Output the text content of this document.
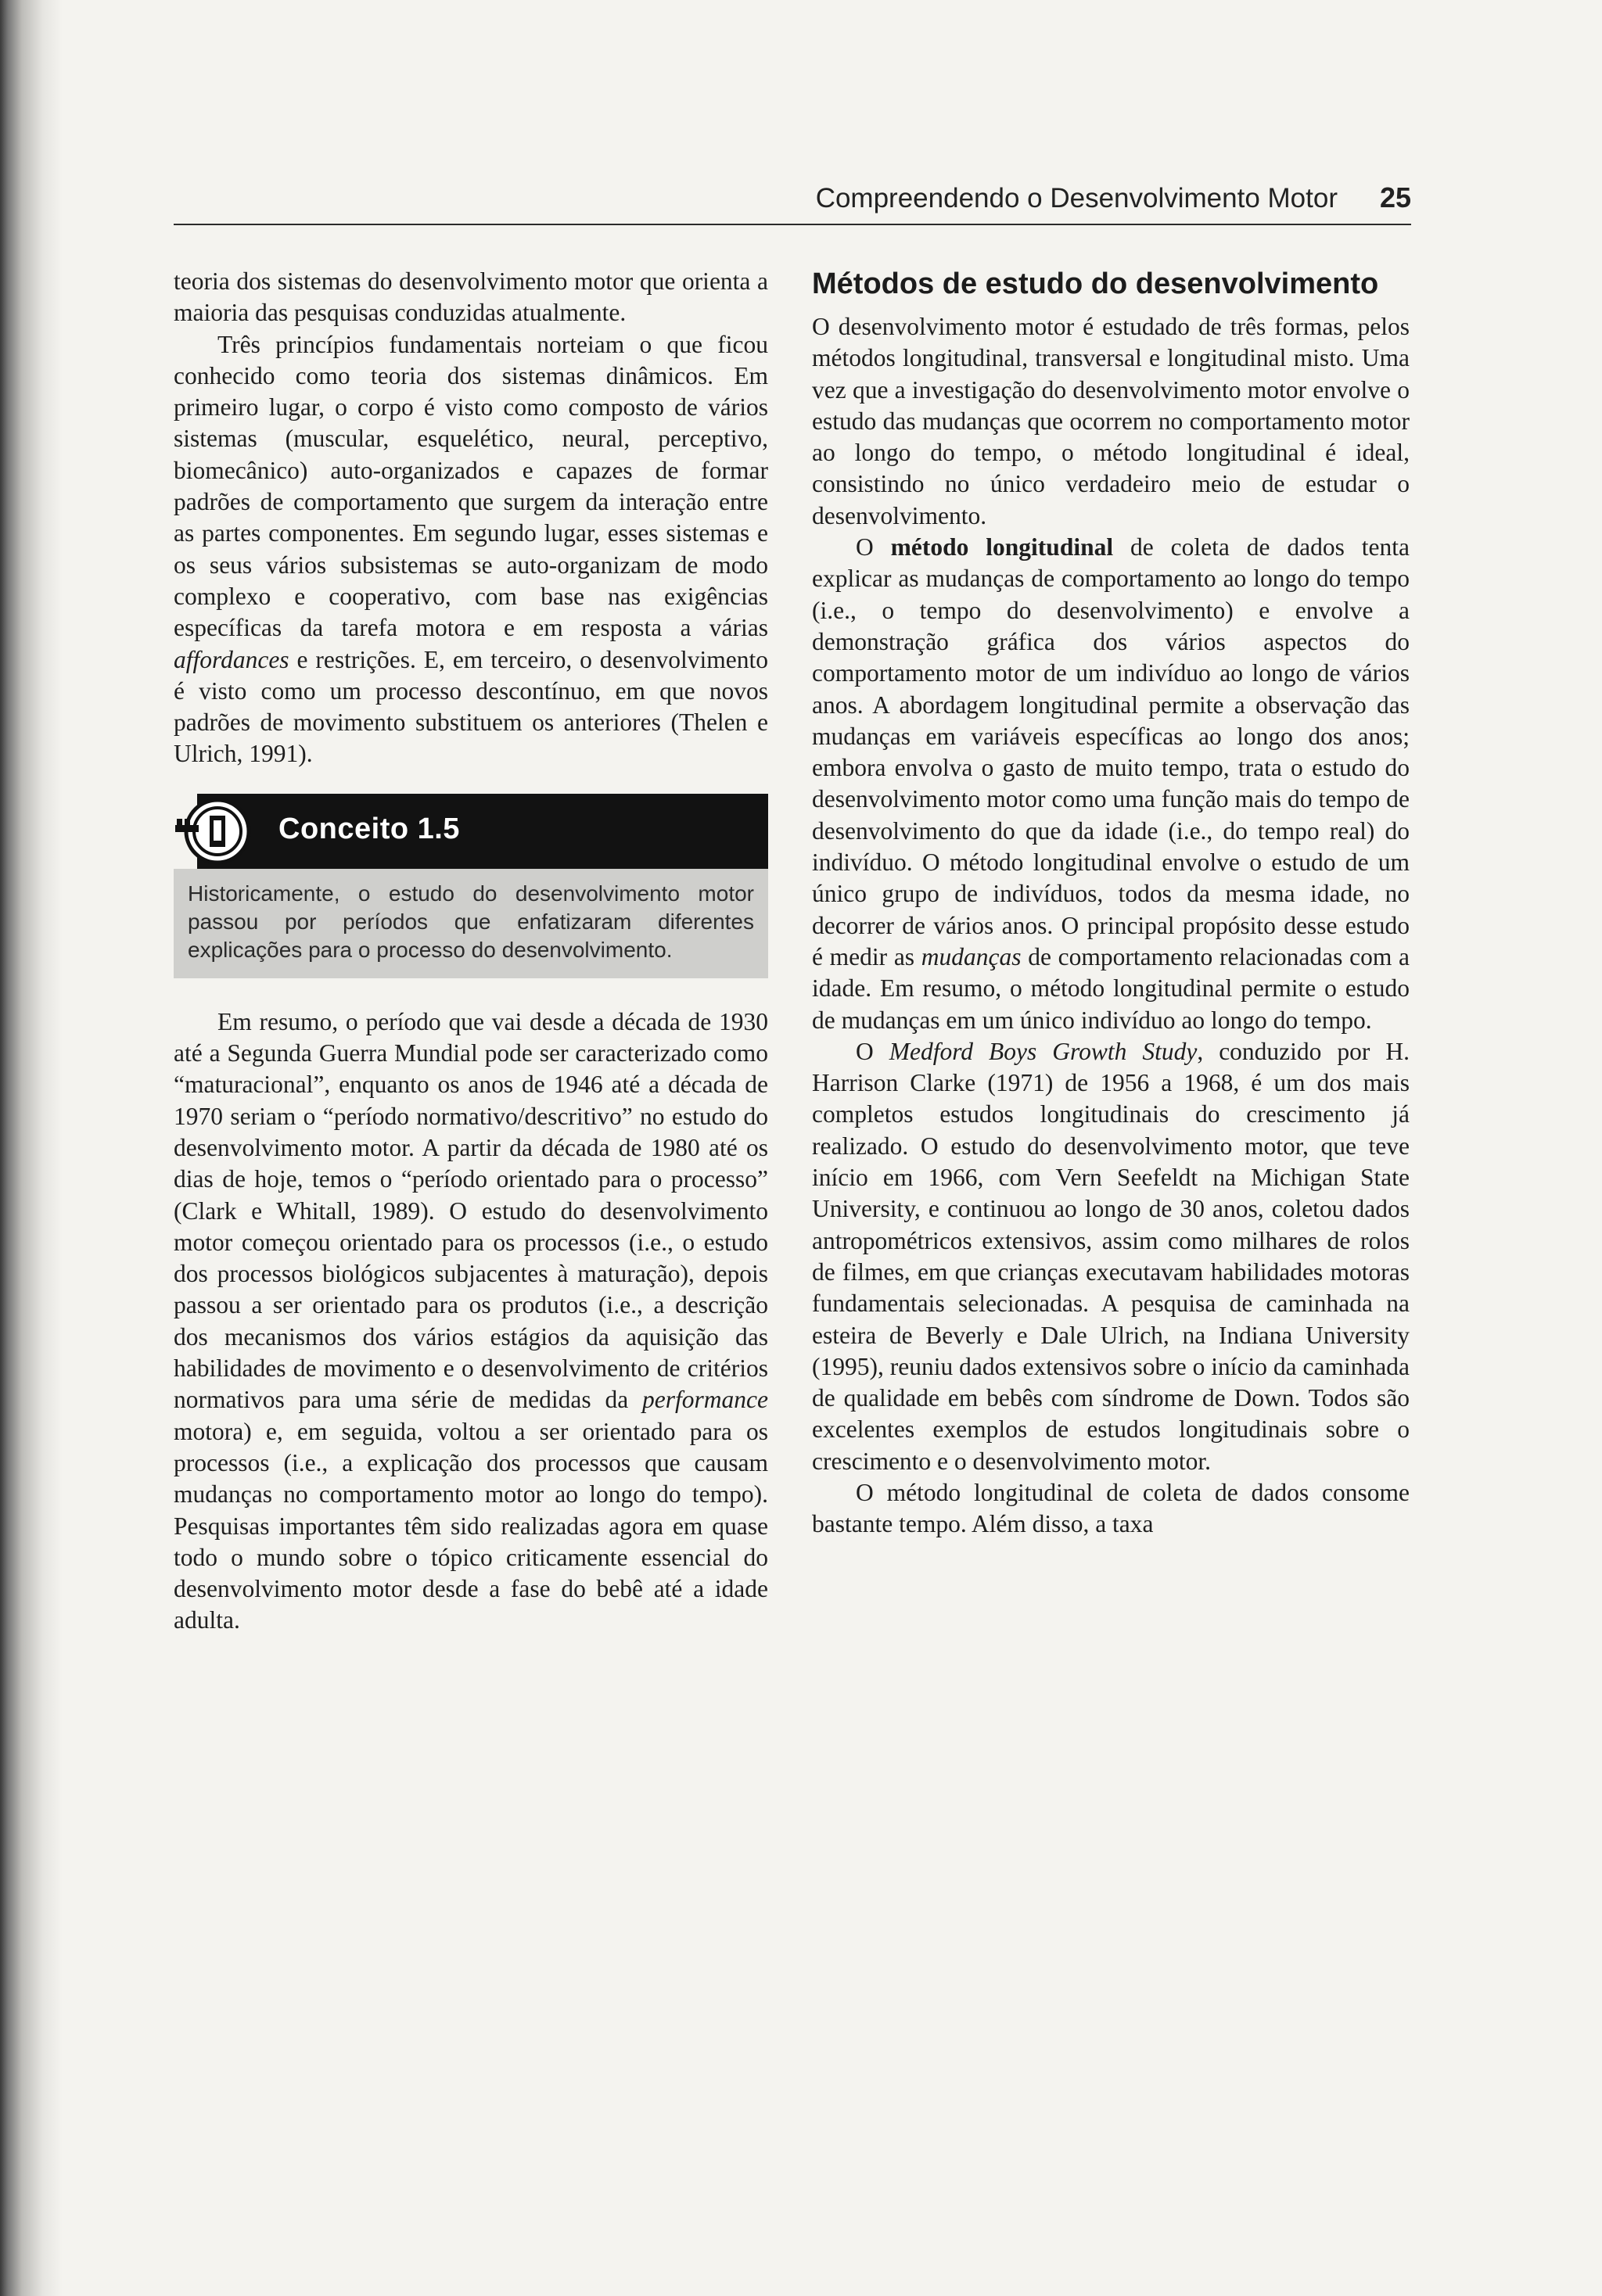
Compreendendo o Desenvolvimento Motor 25

teoria dos sistemas do desenvolvimento motor que orienta a maioria das pesquisas conduzidas atualmente.

Três princípios fundamentais norteiam o que ficou conhecido como teoria dos sistemas dinâmicos. Em primeiro lugar, o corpo é visto como composto de vários sistemas (muscular, esquelético, neural, perceptivo, biomecânico) auto-organizados e capazes de formar padrões de comportamento que surgem da interação entre as partes componentes. Em segundo lugar, esses sistemas e os seus vários subsistemas se auto-organizam de modo complexo e cooperativo, com base nas exigências específicas da tarefa motora e em resposta a várias affordances e restrições. E, em terceiro, o desenvolvimento é visto como um processo descontínuo, em que novos padrões de movimento substituem os anteriores (Thelen e Ulrich, 1991).

Conceito 1.5
Historicamente, o estudo do desenvolvimento motor passou por períodos que enfatizaram diferentes explicações para o processo do desenvolvimento.

Em resumo, o período que vai desde a década de 1930 até a Segunda Guerra Mundial pode ser caracterizado como “maturacional”, enquanto os anos de 1946 até a década de 1970 seriam o “período normativo/descritivo” no estudo do desenvolvimento motor. A partir da década de 1980 até os dias de hoje, temos o “período orientado para o processo” (Clark e Whitall, 1989). O estudo do desenvolvimento motor começou orientado para os processos (i.e., o estudo dos processos biológicos subjacentes à maturação), depois passou a ser orientado para os produtos (i.e., a descrição dos mecanismos dos vários estágios da aquisição das habilidades de movimento e o desenvolvimento de critérios normativos para uma série de medidas da performance motora) e, em seguida, voltou a ser orientado para os processos (i.e., a explicação dos processos que causam mudanças no comportamento motor ao longo do tempo). Pesquisas importantes têm sido realizadas agora em quase todo o mundo sobre o tópico criticamente essencial do desenvolvimento motor desde a fase do bebê até a idade adulta.

Métodos de estudo do desenvolvimento

O desenvolvimento motor é estudado de três formas, pelos métodos longitudinal, transversal e longitudinal misto. Uma vez que a investigação do desenvolvimento motor envolve o estudo das mudanças que ocorrem no comportamento motor ao longo do tempo, o método longitudinal é ideal, consistindo no único verdadeiro meio de estudar o desenvolvimento.

O método longitudinal de coleta de dados tenta explicar as mudanças de comportamento ao longo do tempo (i.e., o tempo do desenvolvimento) e envolve a demonstração gráfica dos vários aspectos do comportamento motor de um indivíduo ao longo de vários anos. A abordagem longitudinal permite a observação das mudanças em variáveis específicas ao longo dos anos; embora envolva o gasto de muito tempo, trata o estudo do desenvolvimento motor como uma função mais do tempo de desenvolvimento do que da idade (i.e., do tempo real) do indivíduo. O método longitudinal envolve o estudo de um único grupo de indivíduos, todos da mesma idade, no decorrer de vários anos. O principal propósito desse estudo é medir as mudanças de comportamento relacionadas com a idade. Em resumo, o método longitudinal permite o estudo de mudanças em um único indivíduo ao longo do tempo.

O Medford Boys Growth Study, conduzido por H. Harrison Clarke (1971) de 1956 a 1968, é um dos mais completos estudos longitudinais do crescimento já realizado. O estudo do desenvolvimento motor, que teve início em 1966, com Vern Seefeldt na Michigan State University, e continuou ao longo de 30 anos, coletou dados antropométricos extensivos, assim como milhares de rolos de filmes, em que crianças executavam habilidades motoras fundamentais selecionadas. A pesquisa de caminhada na esteira de Beverly e Dale Ulrich, na Indiana University (1995), reuniu dados extensivos sobre o início da caminhada de qualidade em bebês com síndrome de Down. Todos são excelentes exemplos de estudos longitudinais sobre o crescimento e o desenvolvimento motor.

O método longitudinal de coleta de dados consome bastante tempo. Além disso, a taxa
